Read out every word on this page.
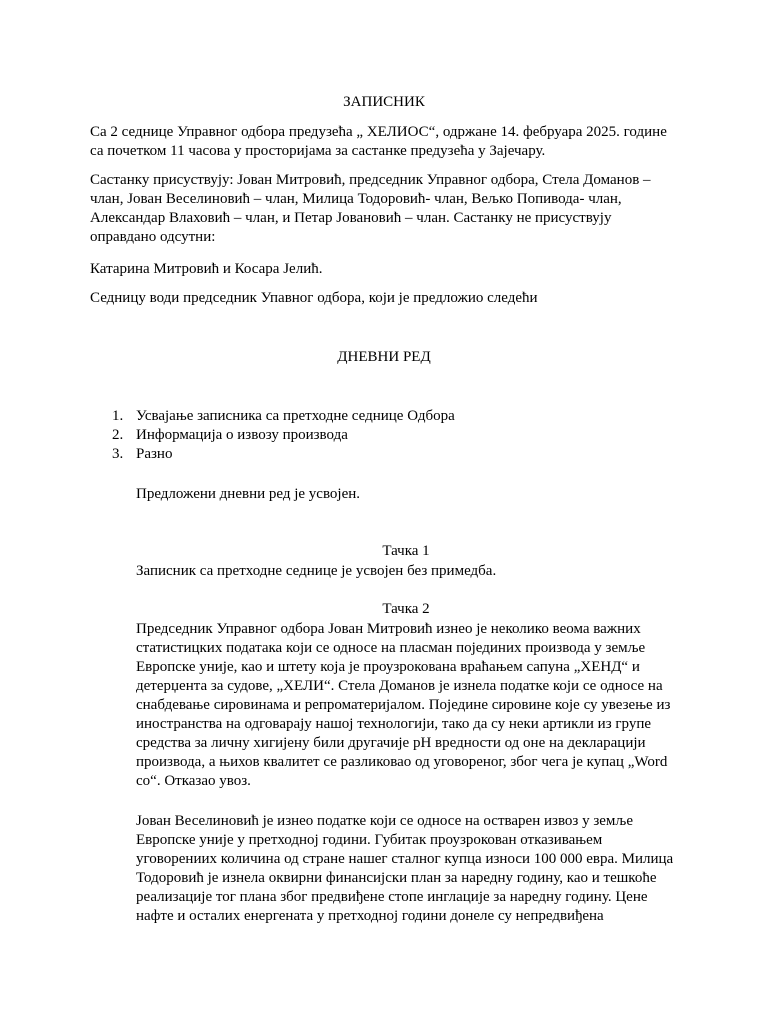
ЗАПИСНИК

Са 2 седнице Управног одбора предузећа „ ХЕЛИОС“, одржане 14. фебруара 2025. године са почетком 11 часова у просторијама за састанке предузећа у Зајечару.

Састанку присуствују: Јован Митровић, председник Управног одбора, Стела Доманов – члан, Јован Веселиновић – члан, Милица Тодоровић- члан, Вељко Попивода- члан, Александар Влаховић – члан, и Петар Јовановић – члан. Састанку не присуствују оправдано одсутни:

Катарина Митровић и Косара Јелић.

Седницу води председник Упавног одбора, који је предложио следећи

ДНЕВНИ РЕД

1. Усвајање записника са претходне седнице Одбора
2. Информација о извозу производа
3. Разно

Предложени дневни ред је усвојен.

Тачка 1

Записник са претходне седнице је усвојен без примедба.

Тачка 2

Председник Управног одбора Јован Митровић изнео је неколико веома важних статистицких података који се односе на пласман појединих производа у земље Европске уније, као и штету која је проузрокована враћањем сапуна „ХЕНД“ и детерџента за судове, „ХЕЛИ“. Стела Доманов је изнела податке који се односе на снабдевање сировинама и репроматеријалом. Поједине сировине које су увезење из иностранства на одговарају нашој технологији, тако да су неки артикли из групе средства за личну хигијену били другачије pH вредности од оне на декларацији производа, а њихов квалитет се разликовао од уговореног, због чега је купац „Word co“. Отказао увоз.

Јован Веселиновић је изнео податке који се односе на остварен извоз у земље Европске уније у претходној години. Губитак проузрокован отказивањем уговорениих количина од стране нашег сталног купца износи 100 000 евра. Милица Тодоровић је изнела оквирни финансијски план за наредну годину, као и тешкоће реализације тог плана због предвиђене стопе инглације за наредну годину. Цене нафте и осталих енергената у претходној години донеле су непредвиђена
